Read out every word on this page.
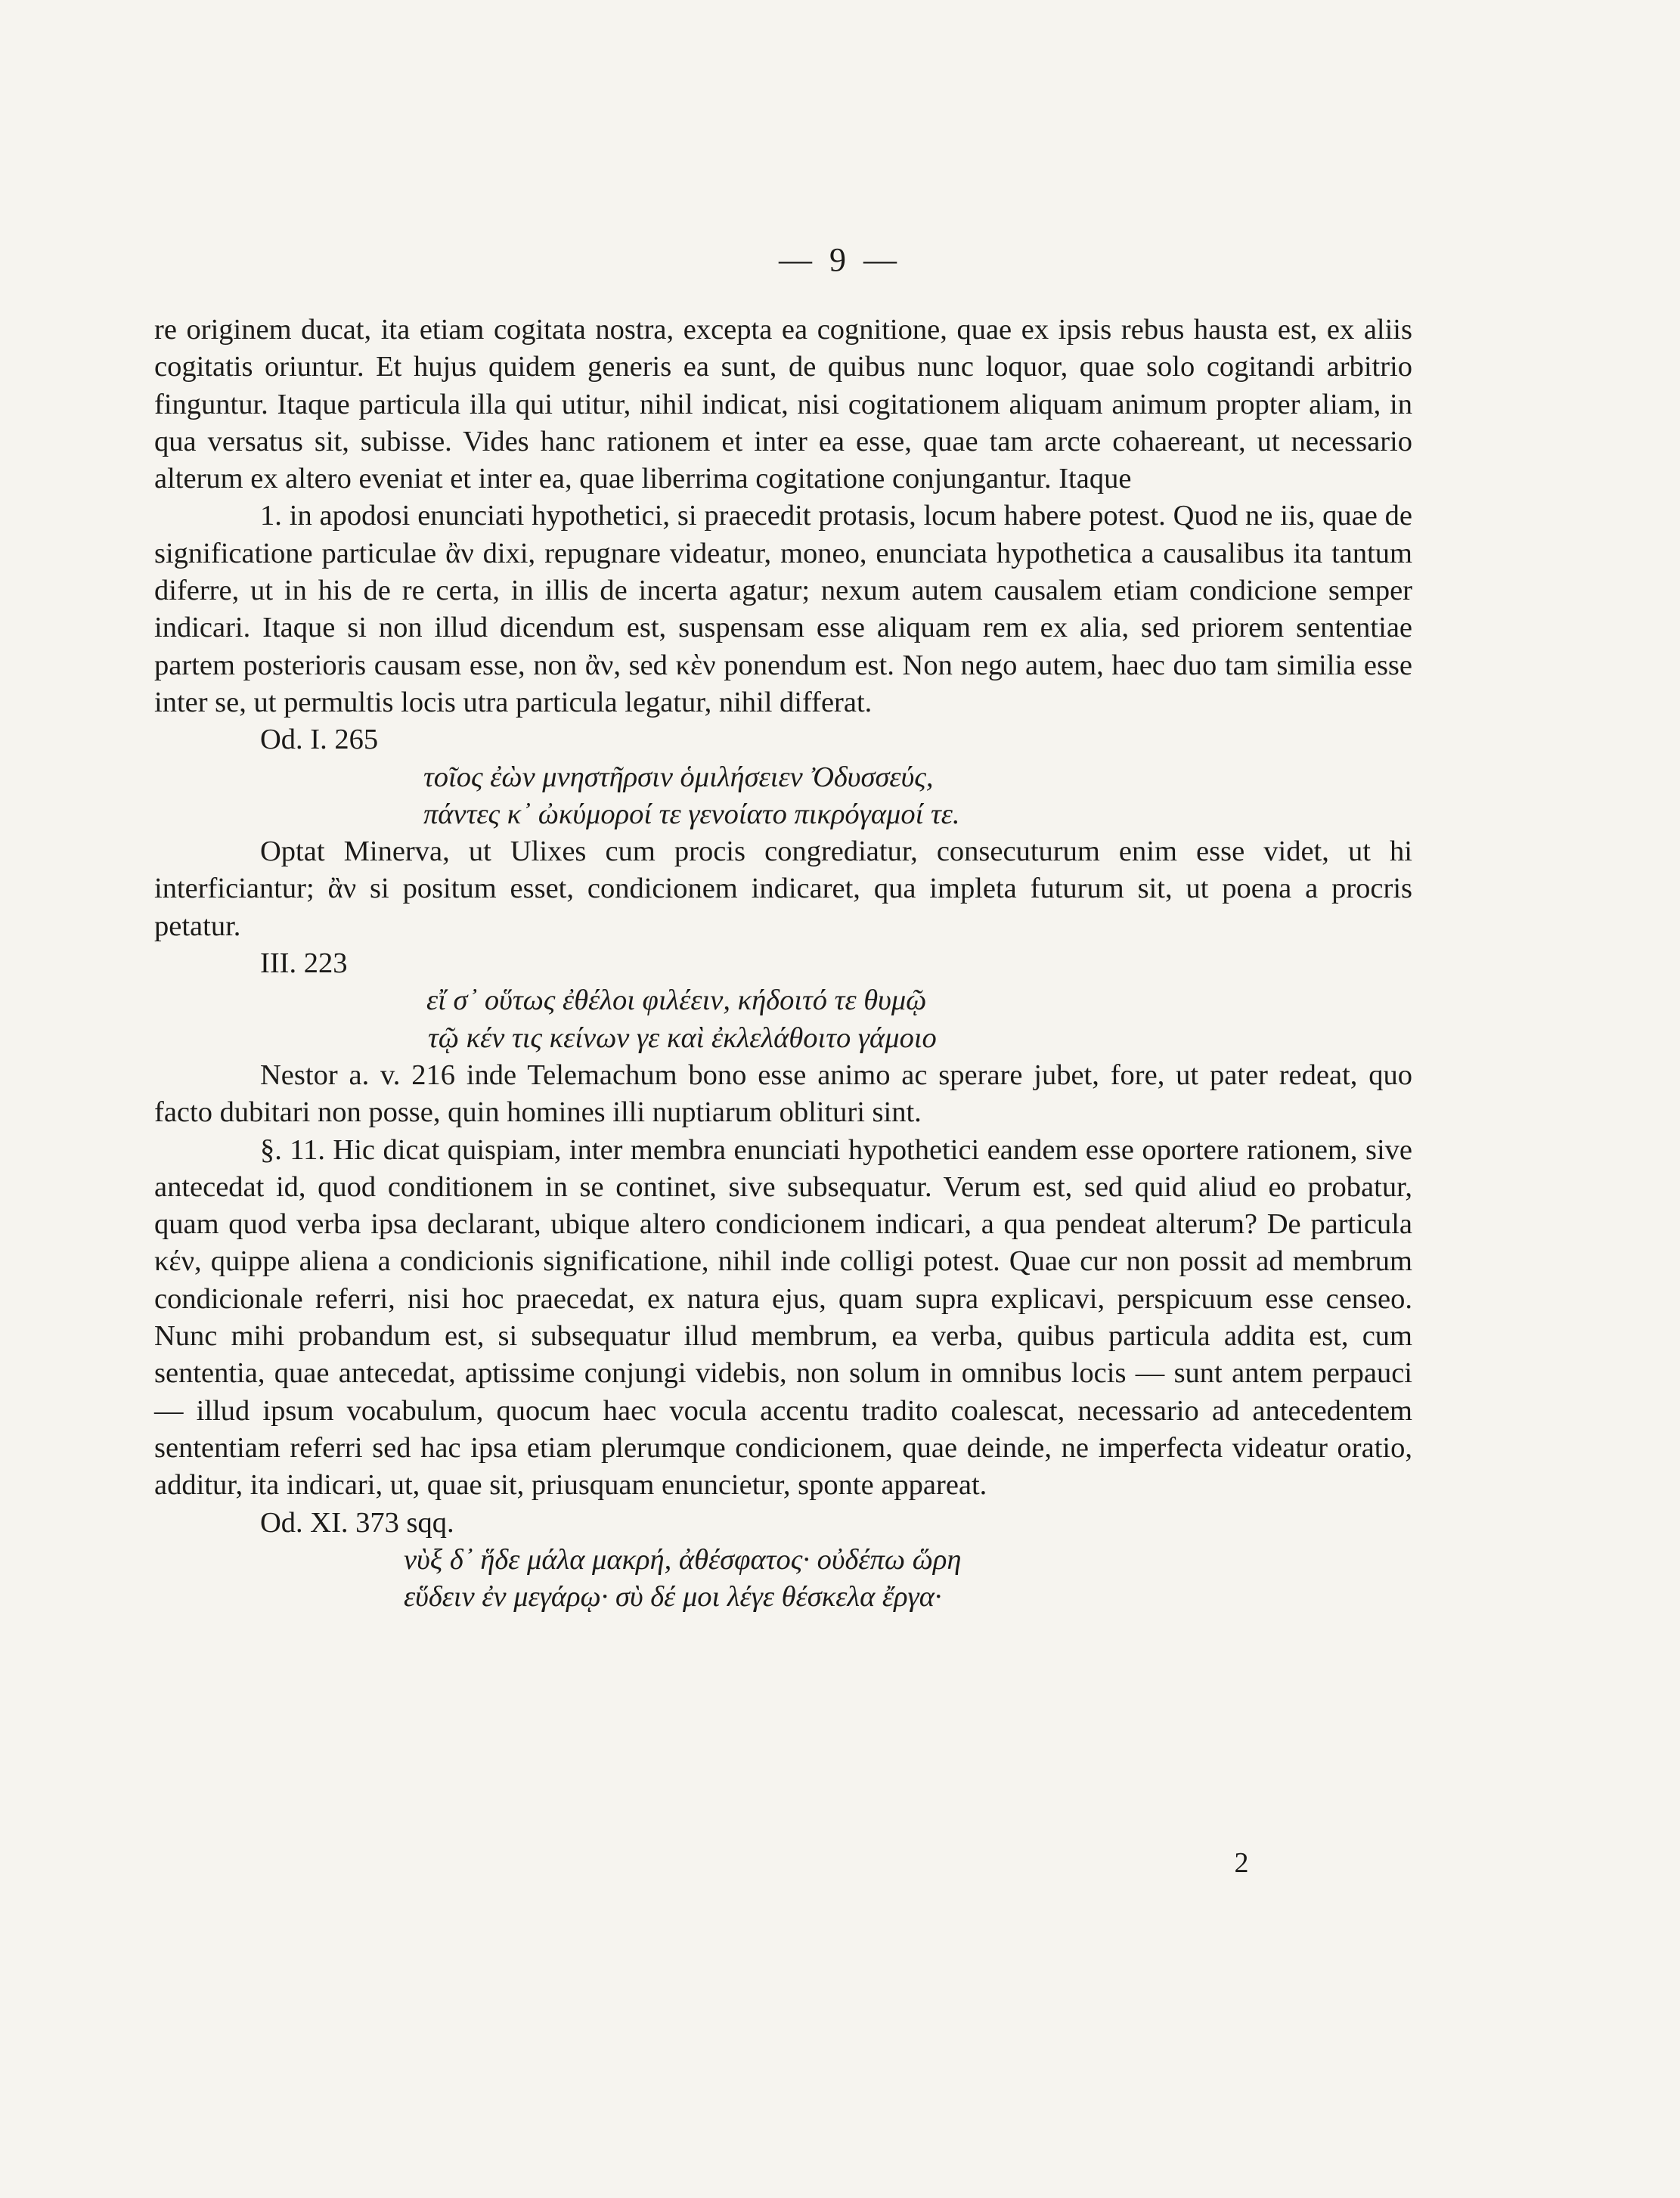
— 9 —

re originem ducat, ita etiam cogitata nostra, excepta ea cognitione, quae ex ipsis rebus hausta est, ex aliis cogitatis oriuntur. Et hujus quidem generis ea sunt, de quibus nunc loquor, quae solo cogitandi arbitrio finguntur. Itaque particula illa qui utitur, nihil indicat, nisi cogitationem aliquam animum propter aliam, in qua versatus sit, subisse. Vides hanc rationem et inter ea esse, quae tam arcte cohaereant, ut necessario alterum ex altero eveniat et inter ea, quae liberrima cogitatione conjungantur. Itaque

1. in apodosi enunciati hypothetici, si praecedit protasis, locum habere potest. Quod ne iis, quae de significatione particulae ἂν dixi, repugnare videatur, moneo, enunciata hypothetica a causalibus ita tantum diferre, ut in his de re certa, in illis de incerta agatur; nexum autem causalem etiam condicione semper indicari. Itaque si non illud dicendum est, suspensam esse aliquam rem ex alia, sed priorem sententiae partem posterioris causam esse, non ἂν, sed κὲν ponendum est. Non nego autem, haec duo tam similia esse inter se, ut permultis locis utra particula legatur, nihil differat.

Od. I. 265

τοῖος ἐὼν μνηστῆρσιν ὁμιλήσειεν Ὀδυσσεύς,

πάντες κ᾽ ὠκύμοροί τε γενοίατο πικρόγαμοί τε.

Optat Minerva, ut Ulixes cum procis congrediatur, consecuturum enim esse videt, ut hi interficiantur; ἂν si positum esset, condicionem indicaret, qua impleta futurum sit, ut poena a procris petatur.

III. 223

εἴ σ᾽ οὕτως ἐθέλοι φιλέειν, κήδοιτό τε θυμῷ

τῷ κέν τις κείνων γε καὶ ἐκλελάθοιτο γάμοιο

Nestor a. v. 216 inde Telemachum bono esse animo ac sperare jubet, fore, ut pater redeat, quo facto dubitari non posse, quin homines illi nuptiarum oblituri sint.

§. 11. Hic dicat quispiam, inter membra enunciati hypothetici eandem esse oportere rationem, sive antecedat id, quod conditionem in se continet, sive subsequatur. Verum est, sed quid aliud eo probatur, quam quod verba ipsa declarant, ubique altero condicionem indicari, a qua pendeat alterum? De particula κέν, quippe aliena a condicionis significatione, nihil inde colligi potest. Quae cur non possit ad membrum condicionale referri, nisi hoc praecedat, ex natura ejus, quam supra explicavi, perspicuum esse censeo. Nunc mihi probandum est, si subsequatur illud membrum, ea verba, quibus particula addita est, cum sententia, quae antecedat, aptissime conjungi videbis, non solum in omnibus locis — sunt antem perpauci — illud ipsum vocabulum, quocum haec vocula accentu tradito coalescat, necessario ad antecedentem sententiam referri sed hac ipsa etiam plerumque condicionem, quae deinde, ne imperfecta videatur oratio, additur, ita indicari, ut, quae sit, priusquam enuncietur, sponte appareat.

Od. XI. 373 sqq.

νὺξ δ᾽ ἥδε μάλα μακρή, ἀθέσφατος· οὐδέπω ὥρη

εὕδειν ἐν μεγάρῳ· σὺ δέ μοι λέγε θέσκελα ἔργα·

2
